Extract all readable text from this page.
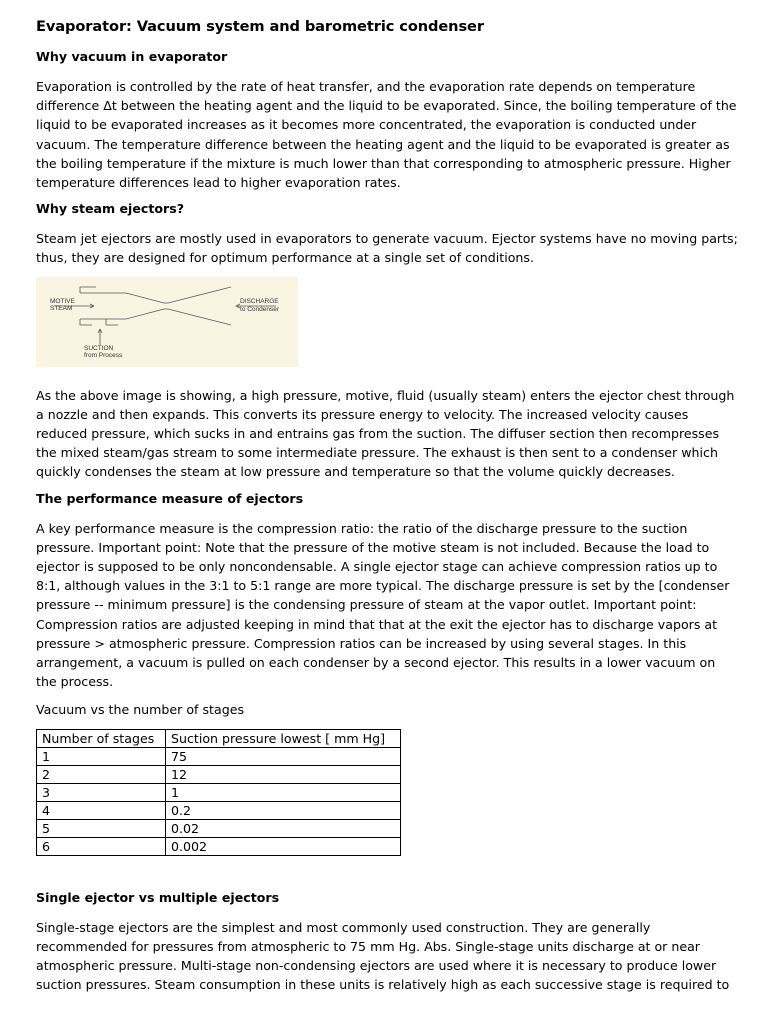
Evaporator: Vacuum system and barometric condenser
Why vacuum in evaporator

Evaporation is controlled by the rate of heat transfer, and the evaporation rate depends on temperature difference Δt between the heating agent and the liquid to be evaporated. Since, the boiling temperature of the liquid to be evaporated increases as it becomes more concentrated, the evaporation is conducted under vacuum. The temperature difference between the heating agent and the liquid to be evaporated is greater as the boiling temperature if the mixture is much lower than that corresponding to atmospheric pressure. Higher temperature differences lead to higher evaporation rates.

Why steam ejectors?

Steam jet ejectors are mostly used in evaporators to generate vacuum. Ejector systems have no moving parts; thus, they are designed for optimum performance at a single set of conditions.

MOTIVE
STEAM
DISCHARGE
to Condenser
SUCTION
from Process

As the above image is showing, a high pressure, motive, fluid (usually steam) enters the ejector chest through a nozzle and then expands. This converts its pressure energy to velocity. The increased velocity causes reduced pressure, which sucks in and entrains gas from the suction. The diffuser section then recompresses the mixed steam/gas stream to some intermediate pressure. The exhaust is then sent to a condenser which quickly condenses the steam at low pressure and temperature so that the volume quickly decreases.

The performance measure of ejectors

A key performance measure is the compression ratio: the ratio of the discharge pressure to the suction pressure. Important point: Note that the pressure of the motive steam is not included. Because the load to ejector is supposed to be only noncondensable. A single ejector stage can achieve compression ratios up to 8:1, although values in the 3:1 to 5:1 range are more typical. The discharge pressure is set by the [condenser pressure -- minimum pressure] is the condensing pressure of steam at the vapor outlet. Important point: Compression ratios are adjusted keeping in mind that that at the exit the ejector has to discharge vapors at pressure > atmospheric pressure. Compression ratios can be increased by using several stages. In this arrangement, a vacuum is pulled on each condenser by a second ejector. This results in a lower vacuum on the process.

Vacuum vs the number of stages

Number of stages	Suction pressure lowest [ mm Hg]
1	75
2	12
3	1
4	0.2
5	0.02
6	0.002
Single ejector vs multiple ejectors

Single-stage ejectors are the simplest and most commonly used construction. They are generally recommended for pressures from atmospheric to 75 mm Hg. Abs. Single-stage units discharge at or near atmospheric pressure. Multi-stage non-condensing ejectors are used where it is necessary to produce lower suction pressures. Steam consumption in these units is relatively high as each successive stage is required to
